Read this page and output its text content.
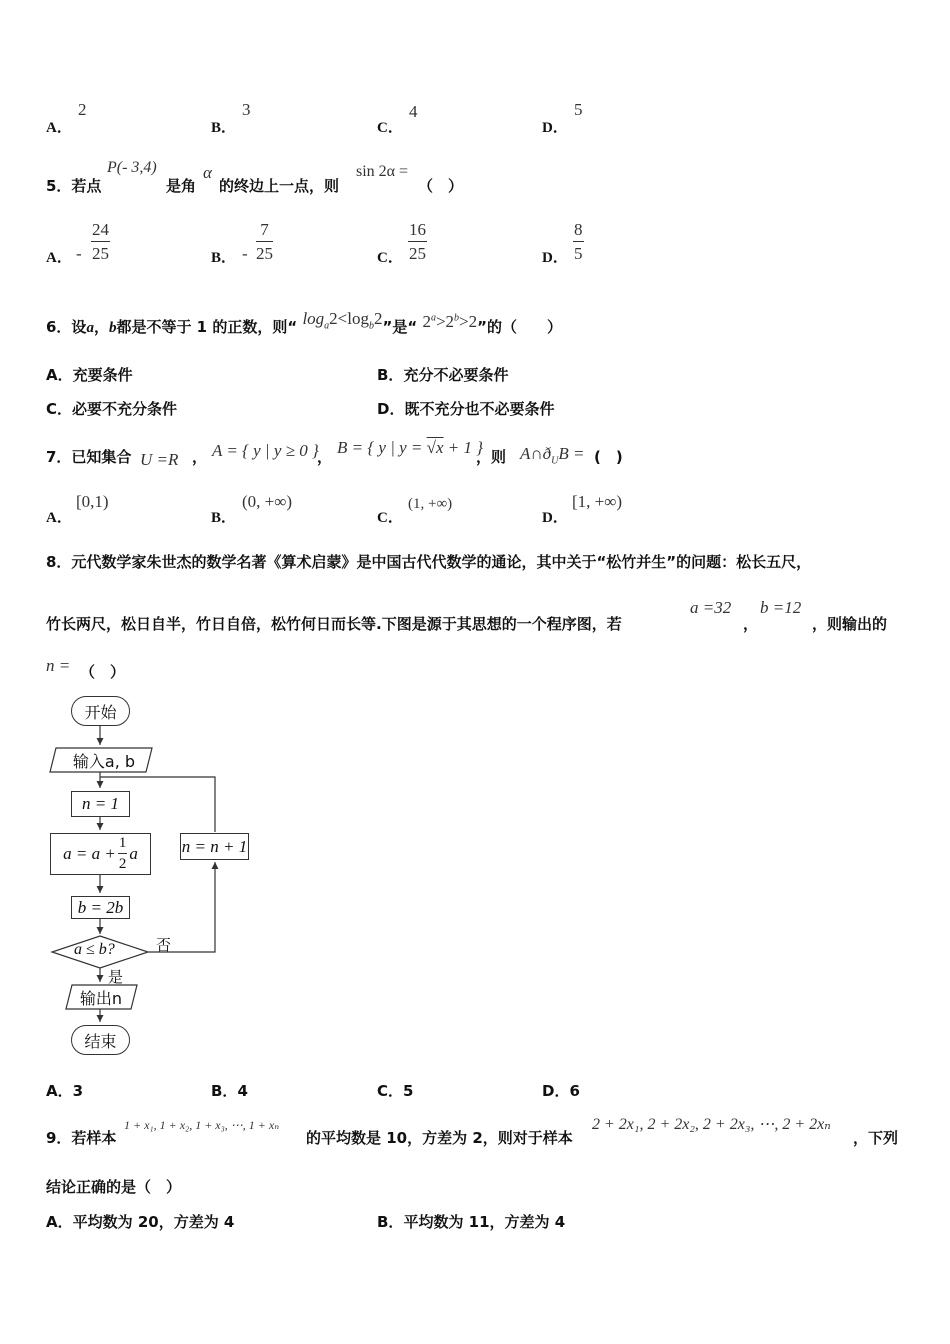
A．
2
B．
3
C．
4
D．
5
5．若点
P(- 3,4)
是角
α
的终边上一点，则
sin 2α =
（　）
A． - $\frac{24}{25}$	B． - $\frac{7}{25}$	C． $\frac{16}{25}$	D． $\frac{8}{5}$
6．设a，b都是不等于 1 的正数，则“ $\log_a2<\log_b2$”是“ $2^a>2^b>2$”的（　　）
A．充要条件	B．充分不必要条件
C．必要不充分条件	D．既不充分也不必要条件
7．已知集合 U =R ， A = { y | y ≥ 0 }
， B = { y | y = √x + 1 }
，则 $A\cap ð_UB$ = (　)
A．
[0,1)
B．
(0, +∞)
C．
(1, +∞)
D．
[1, +∞)
8．元代数学家朱世杰的数学名著《算术启蒙》是中国古代代数学的通论，其中关于“松竹并生”的问题：松长五尺，
竹长两尺，松日自半，竹日自倍，松竹何日而长等.下图是源于其思想的一个程序图，若
a =32
，
b =12
，则输出的
n = （　）
开始
输入a, b
n = 1
$a = a + \frac{1}{2}$ a
b = 2b
a ≤ b?	否
是
n = n + 1
输出n
结束
A．3	B．4	C．5	D．6
9．若样本
1 + x₁, 1 + x₂, 1 + x₃, ⋯, 1 + xₙ
的平均数是 10，方差为 2，则对于样本
2 + 2x₁, 2 + 2x₂, 2 + 2x₃, ⋯, 2 + 2xₙ
，下列
结论正确的是（　）
A．平均数为 20，方差为 4	B．平均数为 11，方差为 4
